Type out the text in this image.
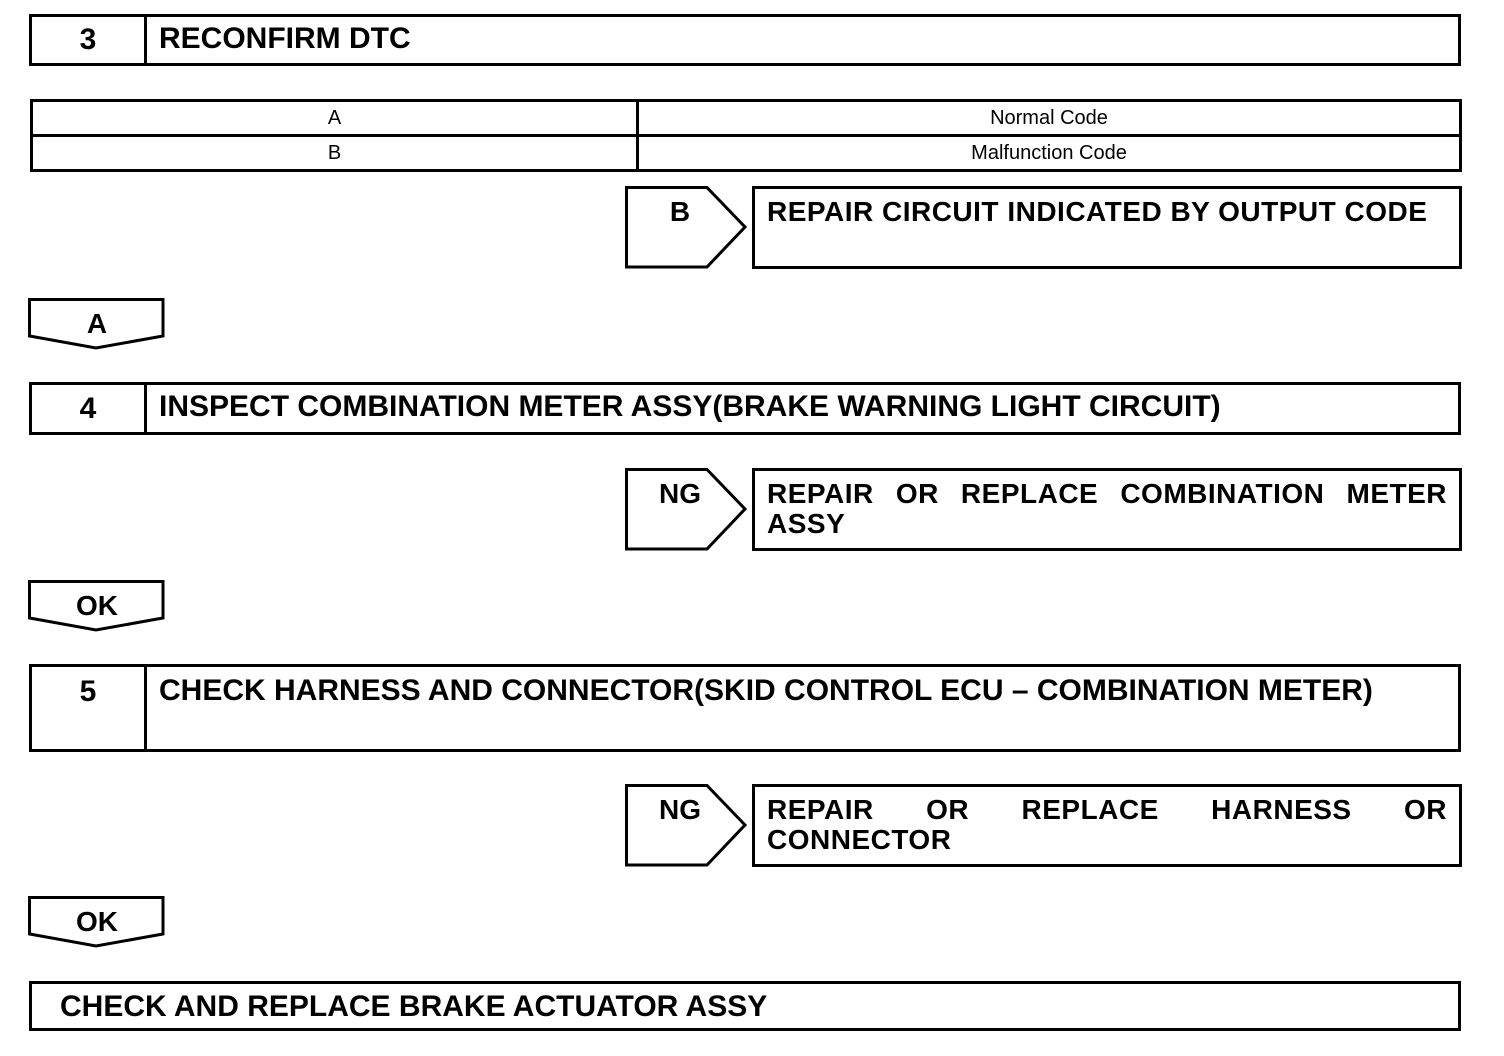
3	RECONFIRM DTC
A	Normal Code
B	Malfunction Code
B	REPAIR CIRCUIT INDICATED BY OUTPUT CODE
A
4	INSPECT COMBINATION METER ASSY(BRAKE WARNING LIGHT CIRCUIT)
NG	REPAIR OR REPLACE COMBINATION METER ASSY
OK
5	CHECK HARNESS AND CONNECTOR(SKID CONTROL ECU – COMBINATION METER)
NG	REPAIR OR REPLACE HARNESS OR CONNECTOR
OK
CHECK AND REPLACE BRAKE ACTUATOR ASSY
